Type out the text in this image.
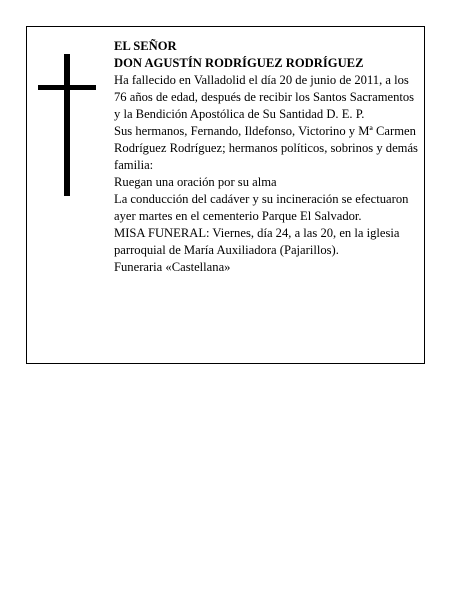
EL SEÑOR

DON AGUSTÍN RODRÍGUEZ RODRÍGUEZ

Ha fallecido en Valladolid el día 20 de junio de 2011, a los 76 años de edad, después de recibir los Santos Sacramentos y la Bendición Apostólica de Su Santidad D. E. P.

Sus hermanos, Fernando, Ildefonso, Victorino y Mª Carmen Rodríguez Rodríguez; hermanos políticos, sobrinos y demás familia:

Ruegan una oración por su alma

La conducción del cadáver y su incineración se efectuaron ayer martes en el cementerio Parque El Salvador.

MISA FUNERAL: Viernes, día 24, a las 20, en la iglesia parroquial de María Auxiliadora (Pajarillos).

Funeraria «Castellana»
